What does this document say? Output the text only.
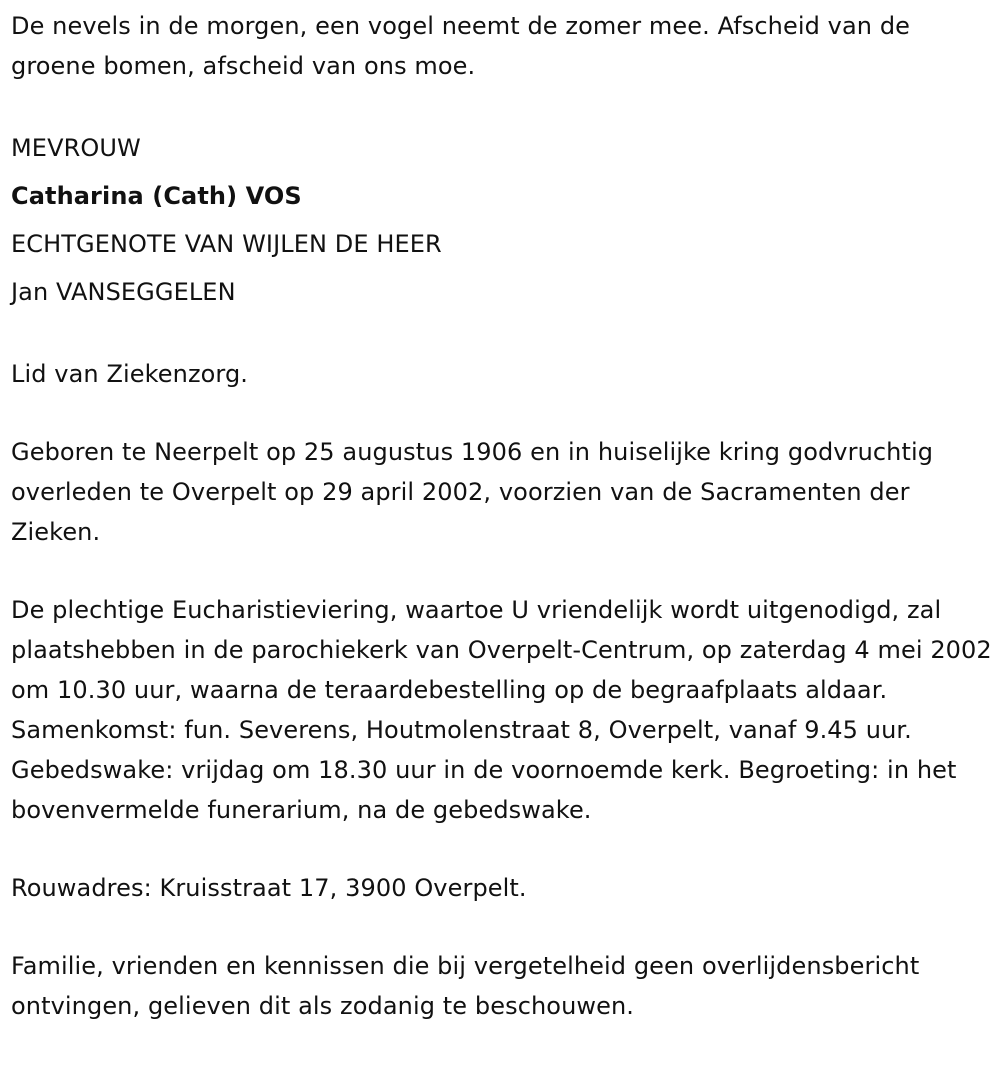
De nevels in de morgen, een vogel neemt de zomer mee. Afscheid van de groene bomen, afscheid van ons moe.

MEVROUW

Catharina (Cath) VOS

ECHTGENOTE VAN WIJLEN DE HEER

Jan VANSEGGELEN

Lid van Ziekenzorg.

Geboren te Neerpelt op 25 augustus 1906 en in huiselijke kring godvruchtig overleden te Overpelt op 29 april 2002, voorzien van de Sacramenten der Zieken.

De plechtige Eucharistieviering, waartoe U vriendelijk wordt uitgenodigd, zal plaatshebben in de parochiekerk van Overpelt-Centrum, op zaterdag 4 mei 2002 om 10.30 uur, waarna de teraardebestelling op de begraafplaats aldaar. Samenkomst: fun. Severens, Houtmolenstraat 8, Overpelt, vanaf 9.45 uur. Gebedswake: vrijdag om 18.30 uur in de voornoemde kerk. Begroeting: in het bovenvermelde funerarium, na de gebedswake.

Rouwadres: Kruisstraat 17, 3900 Overpelt.

Familie, vrienden en kennissen die bij vergetelheid geen overlijdensbericht ontvingen, gelieven dit als zodanig te beschouwen.
